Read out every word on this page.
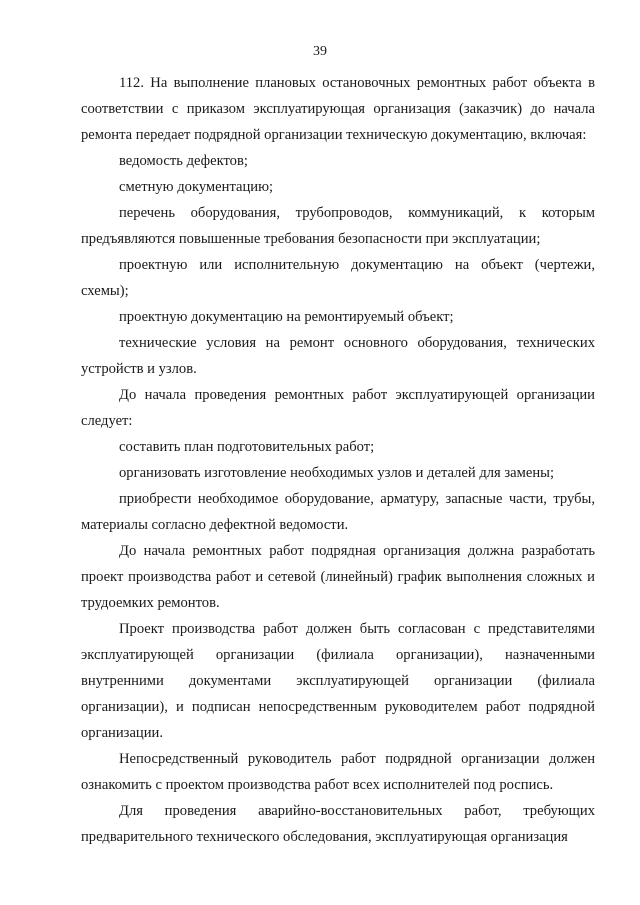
39

112. На выполнение плановых остановочных ремонтных работ объекта в соответствии с приказом эксплуатирующая организация (заказчик) до начала ремонта передает подрядной организации техническую документацию, включая:

ведомость дефектов;

сметную документацию;

перечень оборудования, трубопроводов, коммуникаций, к которым предъявляются повышенные требования безопасности при эксплуатации;

проектную или исполнительную документацию на объект (чертежи, схемы);

проектную документацию на ремонтируемый объект;

технические условия на ремонт основного оборудования, технических устройств и узлов.

До начала проведения ремонтных работ эксплуатирующей организации следует:

составить план подготовительных работ;

организовать изготовление необходимых узлов и деталей для замены;

приобрести необходимое оборудование, арматуру, запасные части, трубы, материалы согласно дефектной ведомости.

До начала ремонтных работ подрядная организация должна разработать проект производства работ и сетевой (линейный) график выполнения сложных и трудоемких ремонтов.

Проект производства работ должен быть согласован с представителями эксплуатирующей организации (филиала организации), назначенными внутренними документами эксплуатирующей организации (филиала организации), и подписан непосредственным руководителем работ подрядной организации.

Непосредственный руководитель работ подрядной организации должен ознакомить с проектом производства работ всех исполнителей под роспись.

Для проведения аварийно-восстановительных работ, требующих предварительного технического обследования, эксплуатирующая организация
